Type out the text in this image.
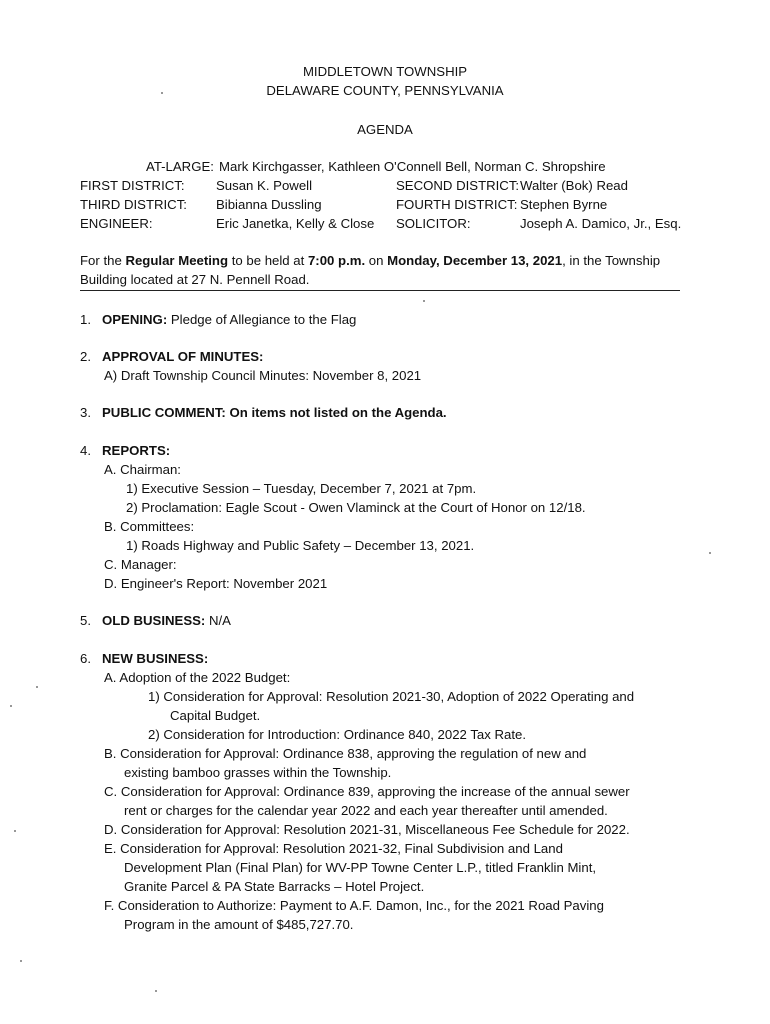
MIDDLETOWN TOWNSHIP
DELAWARE COUNTY, PENNSYLVANIA
AGENDA
AT-LARGE: Mark Kirchgasser, Kathleen O'Connell Bell, Norman C. Shropshire
FIRST DISTRICT: Susan K. Powell	SECOND DISTRICT: Walter (Bok) Read
THIRD DISTRICT: Bibianna Dussling	FOURTH DISTRICT: Stephen Byrne
ENGINEER:	Eric Janetka, Kelly & Close SOLICITOR:	Joseph A. Damico, Jr., Esq.
For the Regular Meeting to be held at 7:00 p.m. on Monday, December 13, 2021, in the Township
Building located at 27 N. Pennell Road.
1. OPENING: Pledge of Allegiance to the Flag
2. APPROVAL OF MINUTES:
A) Draft Township Council Minutes: November 8, 2021
3. PUBLIC COMMENT: On items not listed on the Agenda.
4. REPORTS:
A. Chairman:
1) Executive Session – Tuesday, December 7, 2021 at 7pm.
2) Proclamation: Eagle Scout - Owen Vlaminck at the Court of Honor on 12/18.
B. Committees:
1) Roads Highway and Public Safety – December 13, 2021.
C. Manager:
D. Engineer's Report: November 2021
5. OLD BUSINESS: N/A
6. NEW BUSINESS:
A. Adoption of the 2022 Budget:
1) Consideration for Approval: Resolution 2021-30, Adoption of 2022 Operating and
Capital Budget.
2) Consideration for Introduction: Ordinance 840, 2022 Tax Rate.
B. Consideration for Approval: Ordinance 838, approving the regulation of new and
existing bamboo grasses within the Township.
C. Consideration for Approval: Ordinance 839, approving the increase of the annual sewer
rent or charges for the calendar year 2022 and each year thereafter until amended.
D. Consideration for Approval: Resolution 2021-31, Miscellaneous Fee Schedule for 2022.
E. Consideration for Approval: Resolution 2021-32, Final Subdivision and Land
Development Plan (Final Plan) for WV-PP Towne Center L.P., titled Franklin Mint,
Granite Parcel & PA State Barracks – Hotel Project.
F. Consideration to Authorize: Payment to A.F. Damon, Inc., for the 2021 Road Paving
Program in the amount of $485,727.70.
